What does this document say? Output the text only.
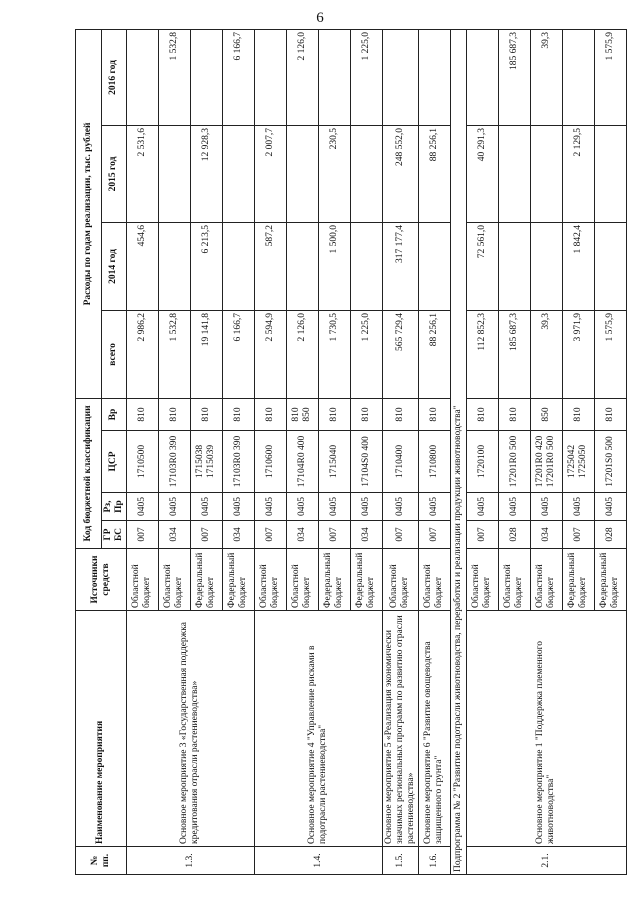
6
№ пп.	Наименование мероприятия	Источники средств	Код бюджетной классификации				Расходы по годам реализации, тыс. рублей			
			ГР БС	Рз, Пр	ЦСР	Вр	всего	2014 год	2015 год	2016 год
1.3.	Основное мероприятие 3 «Государственная поддержка кредитования отрасли растениеводства»	Областной бюджет	007	0405	1710500	810	2 986,2	454,6	2 531,6	
		Областной бюджет	034	0405	17103R0 390	810	1 532,8			1 532,8
		Федеральный бюджет	007	0405	1715038 1715039	810	19 141,8	6 213,5	12 928,3	
		Федеральный бюджет	034	0405	17103R0 390	810	6 166,7			6 166,7
1.4.	Основное мероприятие 4 "Управление рисками в подотрасли растениеводства"	Областной бюджет	007	0405	1710600	810	2 594,9	587,2	2 007,7	
		Областной бюджет	034	0405	17104R0 400	810 850	2 126,0			2 126,0
		Федеральный бюджет	007	0405	1715040	810	1 730,5	1 500,0	230,5	
		Федеральный бюджет	034	0405	17104S0 400	810	1 225,0			1 225,0
1.5.	Основное мероприятие 5 «Реализация экономически значимых региональных программ по развитию отрасли растениеводства»	Областной бюджет	007	0405	1710400	810	565 729,4	317 177,4	248 552,0	
1.6.	Основное мероприятие 6 "Развитие овощеводства защищенного грунта"	Областной бюджет	007	0405	1710800	810	88 256,1		88 256,1	
Подпрограмма № 2 "Развитие подотрасли животноводства, переработки и реализации продукции животноводства"										
2.1.	Основное мероприятие 1 "Поддержка племенного животноводства"	Областной бюджет	007	0405	1720100	810	112 852,3	72 561,0	40 291,3	
		Областной бюджет	028	0405	17201R0 500	810	185 687,3			185 687,3
		Областной бюджет	034	0405	17201R0 420 17201R0 500	850	39,3			39,3
		Федеральный бюджет	007	0405	1725042 1725050	810	3 971,9	1 842,4	2 129,5	
		Федеральный бюджет	028	0405	17201S0 500	810	1 575,9			1 575,9
